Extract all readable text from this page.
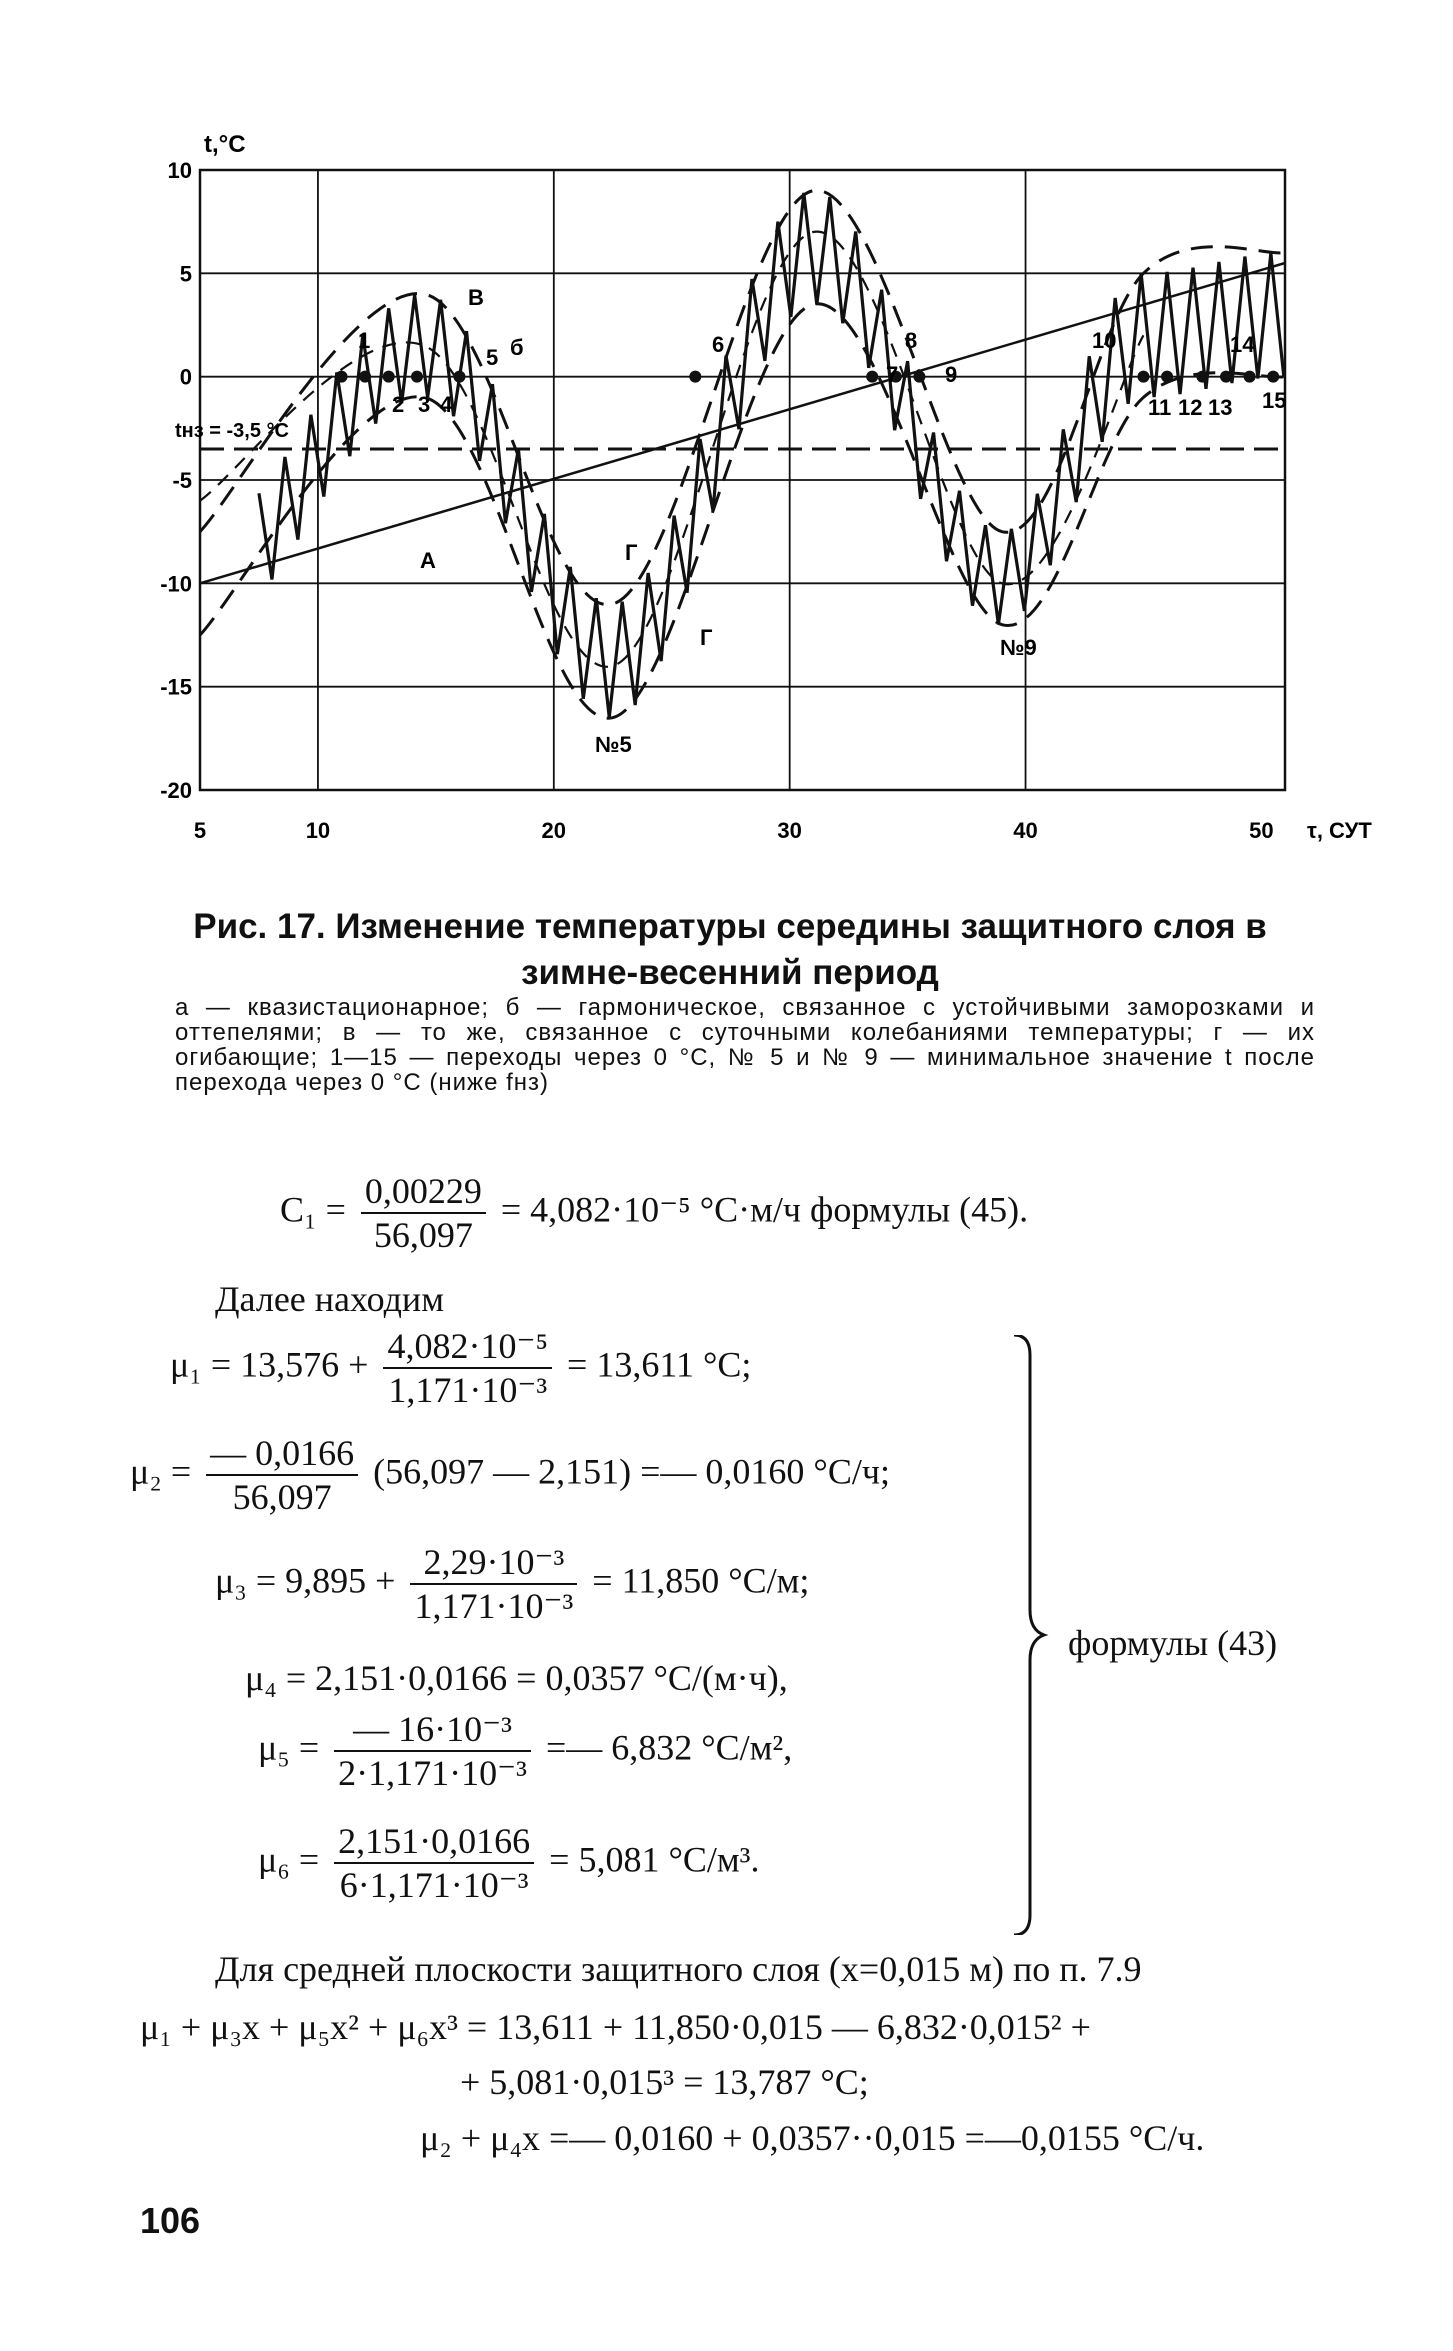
10
5
0
-5
-10
-15
-20
5	10	20	30	40	50
t,°C
τ, СУТ
1
2 3 4
5
6
7
8
9
10
11 12 13
14
15
А
б
В
Г
Г
№5
№9
tнз = -3,5 °C
Рис. 17. Изменение температуры середины защитного слоя в зимне-весенний период
а — квазистационарное; б — гармоническое, связанное с устойчивыми заморозками и оттепелями; в — то же, связанное с суточными колебаниями температуры; г — их огибающие; 1—15 — переходы через 0 °С, № 5 и № 9 — минимальное значение t после перехода через 0 °С (ниже fнз)
$C_1 = \frac{0,00229}{56,097} = 4,082\cdot 10^{-5}$ °С·м/ч формулы (45).
Далее находим
$\mu_1 = 13,576 + \frac{\text{4,082·10⁻⁵}}{\text{1,171·10⁻³}} = 13,611$ °С;
$\mu_2 = \frac{— 0,0166}{56,097} (56,097$ — 2,151) =— 0,0160 °С/ч;
$\mu_3 = 9,895 + \frac{\text{2,29·10⁻³}}{\text{1,171·10⁻³}} = 11,850$ °С/м;
μ₄ = 2,151·0,0166 = 0,0357 °С/(м·ч),
$\mu_5 = \frac{\text{— 16·10⁻³}}{\text{2·1,171·10⁻³}}$ =— 6,832 °С/м²,
$\mu_6 = \frac{2,151\cdot 0,0166}{\text{6·1,171·10⁻³}} = 5,081$ °С/м³.
формулы (43)
Для средней плоскости защитного слоя (x=0,015 м) по п. 7.9
μ₁ + μ₃x + μ₅x² + μ₆x³ = 13,611 + 11,850·0,015 — 6,832·0,015² +
+ 5,081·0,015³ = 13,787 °С;
μ₂ + μ₄x =— 0,0160 + 0,0357··0,015 =—0,0155 °С/ч.
106
